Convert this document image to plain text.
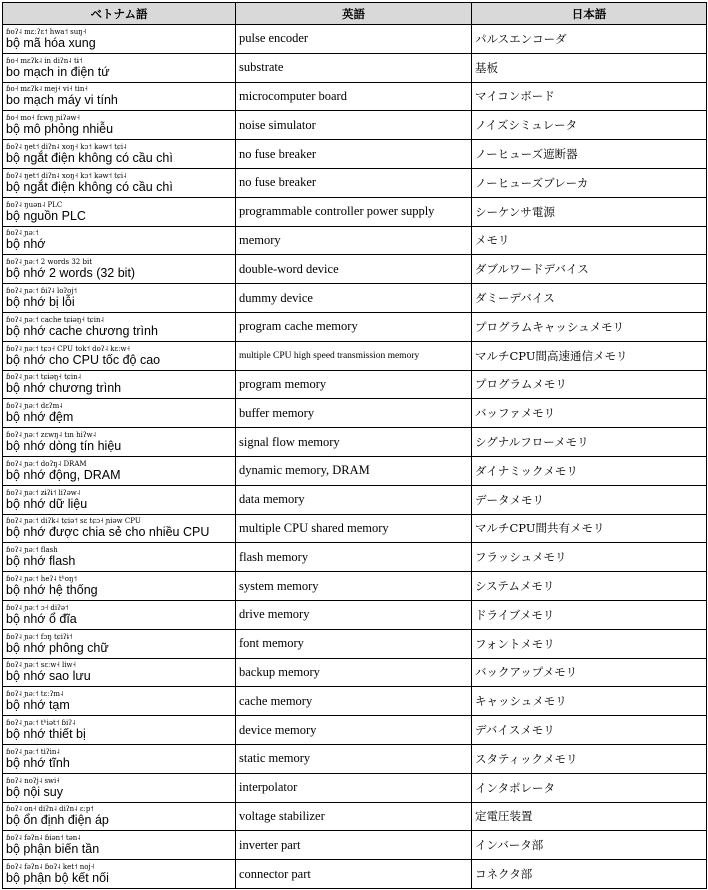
ベトナム語	英語	日本語

ɓoʔ˨ mɛːʔɛ˦ hwa˦ suŋ˧
bộ mã hóa xung	pulse encoder	パルスエンコーダ

ɓo˧ mɛʔk˨ in diʔn˨ tɨ˦
bo mạch in điện tứ	substrate	基板

ɓo˧ mɛʔk˨ mej˧ vi˧ tin˧
bo mạch máy vi tính	microcomputer board	マイコンボード

ɓo˧ mo˧ fɛwŋ ɲiʔəw˧
bộ mô phỏng nhiễu	noise simulator	ノイズシミュレータ

ɓoʔ˨ ŋet˦ diʔn˨ xoŋ˧ kɔ˦ kəw˦ tɕi˨
bộ ngắt điện không có cầu chì	no fuse breaker	ノーヒューズ遮断器

ɓoʔ˨ ŋet˦ diʔn˨ xoŋ˧ kɔ˦ kəw˦ tɕi˨
bộ ngắt điện không có cầu chì	no fuse breaker	ノーヒューズブレーカ

ɓoʔ˨ ŋuən˨ PLC
bộ nguồn PLC	programmable controller power supply	シーケンサ電源

ɓoʔ˨ ɲəː˦
bộ nhớ	memory	メモリ

ɓoʔ˨ ɲəː˦ 2 words 32 bit
bộ nhớ 2 words (32 bit)	double-word device	ダブルワードデバイス

ɓoʔ˨ ɲəː˦ ɓiʔ˨ loʔoj˦
bộ nhớ bị lỗi	dummy device	ダミーデバイス

ɓoʔ˨ ɲəː˦ cache tɕɨəŋ˧ tɕin˨
bộ nhớ cache chương trình	program cache memory	プログラムキャッシュメモリ

ɓoʔ˨ ɲəː˦ tɕɔ˧ CPU tok˦ doʔ˨ kɛːw˧
bộ nhớ cho CPU tốc độ cao	multiple CPU high speed transmission memory	マルチCPU間高速通信メモリ

ɓoʔ˨ ɲəː˦ tɕɨəŋ˧ tɕin˨
bộ nhớ chương trình	program memory	プログラムメモリ

ɓoʔ˨ ɲəː˦ dɛʔm˨
bộ nhớ đệm	buffer memory	バッファメモリ

ɓoʔ˨ ɲəː˦ zɛwŋ˨ tın hiʔw˨
bộ nhớ dòng tín hiệu	signal flow memory	シグナルフローメモリ

ɓoʔ˨ ɲəː˦ doʔŋ˨ DRAM
bộ nhớ động, DRAM	dynamic memory, DRAM	ダイナミックメモリ

ɓoʔ˨ ɲəː˦ zɨʔɨ˦ liʔəw˨
bộ nhớ dữ liệu	data memory	データメモリ

ɓoʔ˨ ɲəː˦ diʔk˨ tɕiə˦ sɛ tɕɔ˧ ɲiəw CPU
bộ nhớ được chia sẻ cho nhiều CPU	multiple CPU shared memory	マルチCPU間共有メモリ

ɓoʔ˨ ɲəː˦ flash
bộ nhớ flash	flash memory	フラッシュメモリ

ɓoʔ˨ ɲəː˦ heʔ˨ tʰoŋ˦
bộ nhớ hệ thống	system memory	システムメモリ

ɓoʔ˨ ɲəː˦ ɔ˧ diʔə˦
bộ nhớ ổ đĩa	drive memory	ドライブメモリ

ɓoʔ˨ ɲəː˦ fɔŋ tɕiʔɨ˦
bộ nhớ phông chữ	font memory	フォントメモリ

ɓoʔ˨ ɲəː˦ sɛːw˧ liw˧
bộ nhớ sao lưu	backup memory	バックアップメモリ

ɓoʔ˨ ɲəː˦ tɛːʔm˨
bộ nhớ tạm	cache memory	キャッシュメモリ

ɓoʔ˨ ɲəː˦ tʰiət˦ ɓiʔ˨
bộ nhớ thiết bị	device memory	デバイスメモリ

ɓoʔ˨ ɲəː˦ tiʔin˨
bộ nhớ tĩnh	static memory	スタティックメモリ

ɓoʔ˨ noʔj˨ swi˧
bộ nội suy	interpolator	インタポレータ

ɓoʔ˨ on˧ diʔn˨ diʔn˨ ɛːp˦
bộ ổn định điện áp	voltage stabilizer	定電圧装置

ɓoʔ˨ fəʔn˨ ɓiən˦ tən˨
bộ phận biến tần	inverter part	インバータ部

ɓoʔ˨ fəʔn˨ ɓoʔ˨ ket˦ noj˧
bộ phận bộ kết nối	connector part	コネクタ部
